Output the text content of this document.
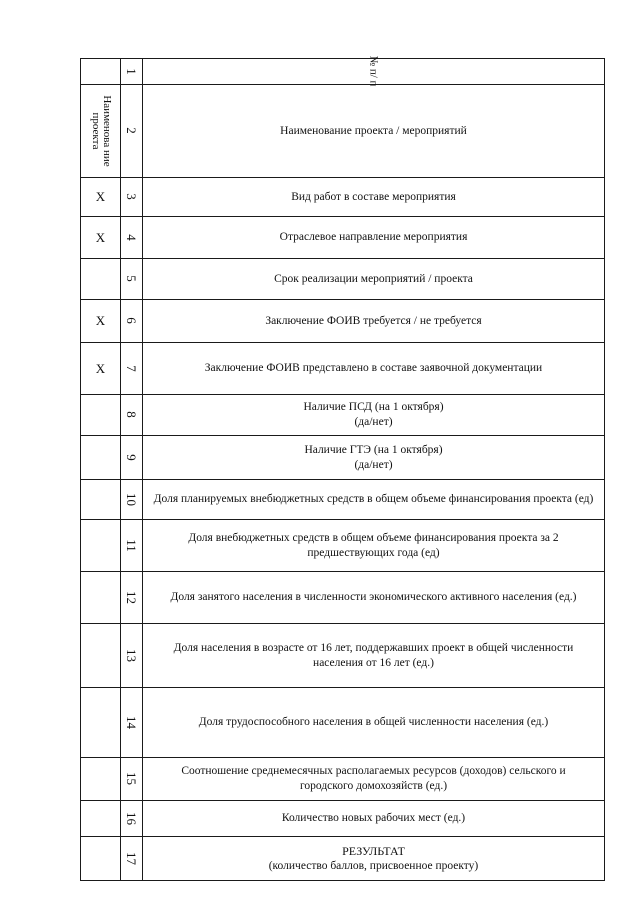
	1	№ п/ п
Наименова ние проекта	2	Наименование проекта / мероприятий
Х	3	Вид работ в составе мероприятия
Х	4	Отраслевое направление мероприятия
	5	Срок реализации мероприятий / проекта
Х	6	Заключение ФОИВ требуется / не требуется
Х	7	Заключение ФОИВ представлено в составе заявочной документации
	8	Наличие ПСД (на 1 октября)
(да/нет)

	9	Наличие ГТЭ (на 1 октября)
(да/нет)

	10	Доля планируемых внебюджетных средств в общем объеме финансирования проекта (ед)
	11	Доля внебюджетных средств в общем объеме финансирования проекта за 2 предшествующих года (ед)
	12	Доля занятого населения в численности экономического активного населения (ед.)
	13	Доля населения в возрасте от 16 лет, поддержавших проект в общей численности населения от 16 лет (ед.)
	14	Доля трудоспособного населения в общей численности населения (ед.)
	15	Соотношение среднемесячных располагаемых ресурсов (доходов) сельского и городского домохозяйств (ед.)
	16	Количество новых рабочих мест (ед.)
	17	РЕЗУЛЬТАТ
(количество баллов, присвоенное проекту)
